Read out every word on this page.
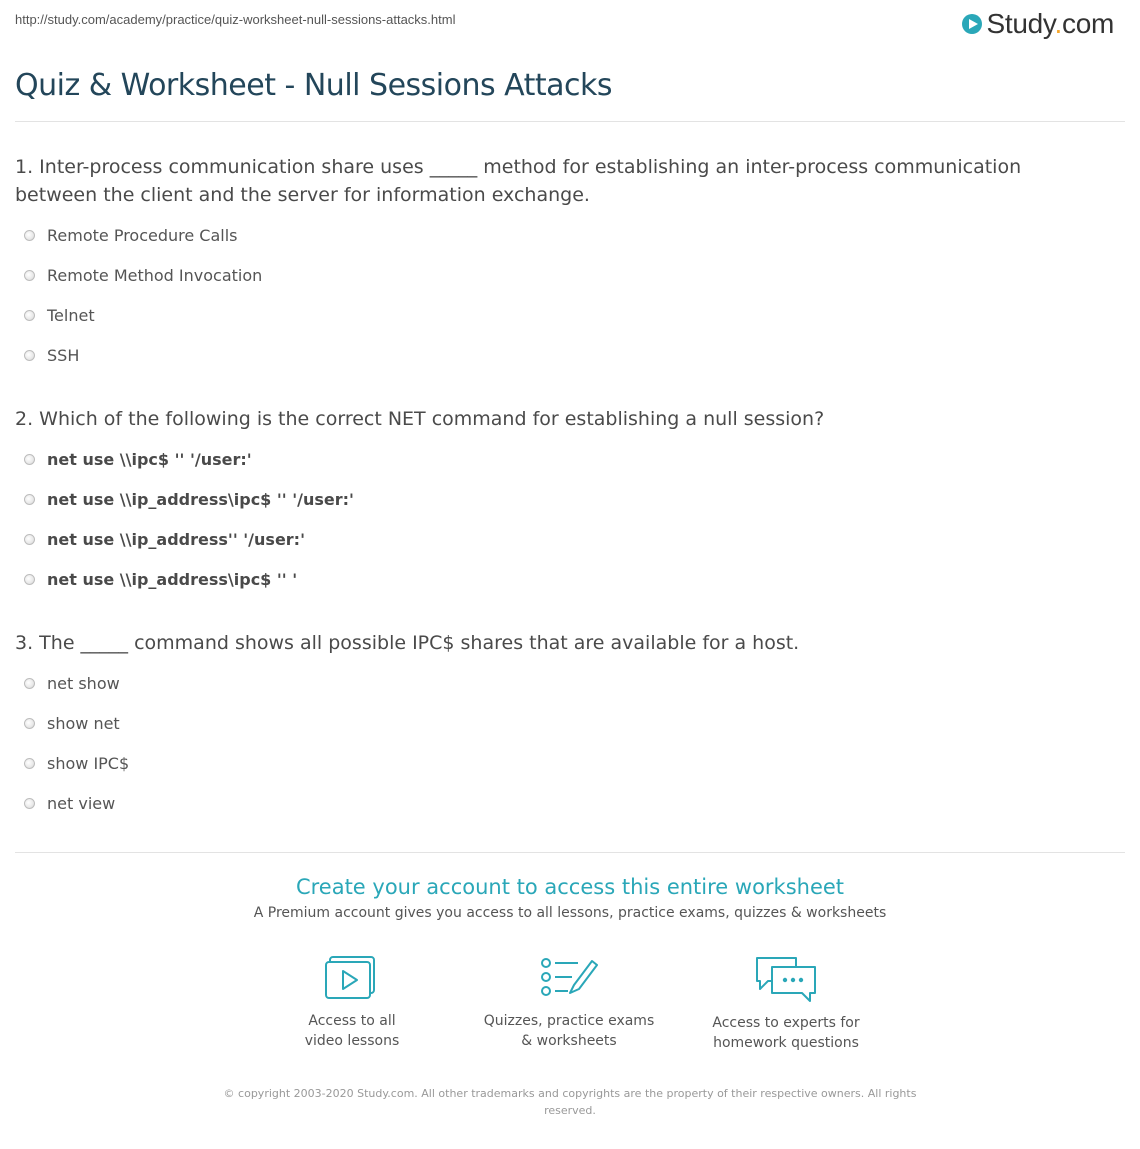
http://study.com/academy/practice/quiz-worksheet-null-sessions-attacks.html	Study.com
Quiz & Worksheet - Null Sessions Attacks

1. Inter-process communication share uses _____ method for establishing an inter-process communication between the client and the server for information exchange.

Remote Procedure Calls
Remote Method Invocation
Telnet
SSH

2. Which of the following is the correct NET command for establishing a null session?

net use \\ipc$ '' '/user:'
net use \\ip_address\ipc$ '' '/user:'
net use \\ip_address'' '/user:'
net use \\ip_address\ipc$ '' '

3. The _____ command shows all possible IPC$ shares that are available for a host.

net show
show net
show IPC$
net view
Create your account to access this entire worksheet
A Premium account gives you access to all lessons, practice exams, quizzes & worksheets
Access to all
video lessons
Quizzes, practice exams
& worksheets
Access to experts for
homework questions
© copyright 2003-2020 Study.com. All other trademarks and copyrights are the property of their respective owners. All rights reserved.
